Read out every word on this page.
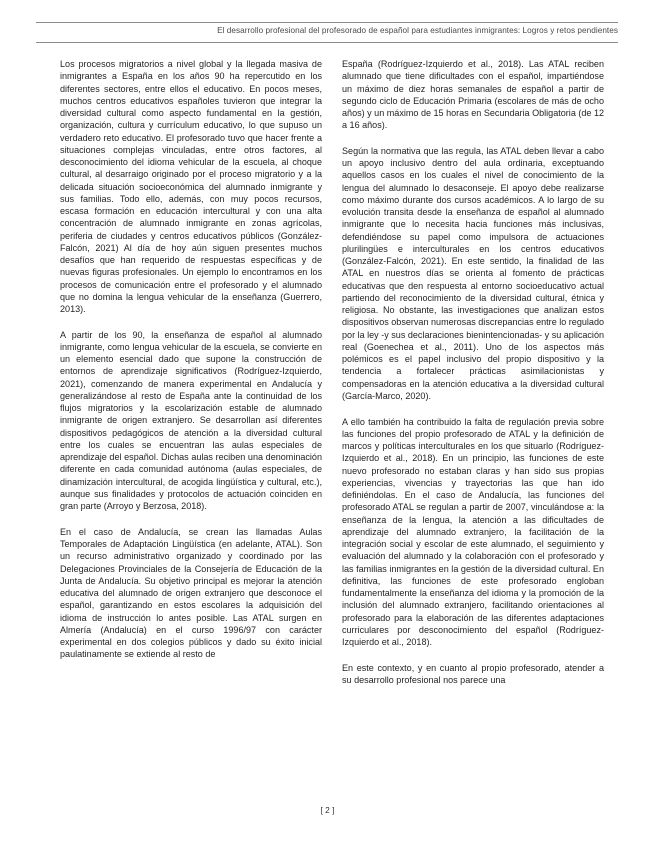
El desarrollo profesional del profesorado de español para estudiantes inmigrantes: Logros y retos pendientes

Los procesos migratorios a nivel global y la llegada masiva de inmigrantes a España en los años 90 ha repercutido en los diferentes sectores, entre ellos el educativo. En pocos meses, muchos centros educativos españoles tuvieron que integrar la diversidad cultural como aspecto fundamental en la gestión, organización, cultura y currículum educativo, lo que supuso un verdadero reto educativo. El profesorado tuvo que hacer frente a situaciones complejas vinculadas, entre otros factores, al desconocimiento del idioma vehicular de la escuela, al choque cultural, al desarraigo originado por el proceso migratorio y a la delicada situación socioeconómica del alumnado inmigrante y sus familias. Todo ello, además, con muy pocos recursos, escasa formación en educación intercultural y con una alta concentración de alumnado inmigrante en zonas agrícolas, periferia de ciudades y centros educativos públicos (González-Falcón, 2021) Al día de hoy aún siguen presentes muchos desafíos que han requerido de respuestas específicas y de nuevas figuras profesionales. Un ejemplo lo encontramos en los procesos de comunicación entre el profesorado y el alumnado que no domina la lengua vehicular de la enseñanza (Guerrero, 2013).

A partir de los 90, la enseñanza de español al alumnado inmigrante, como lengua vehicular de la escuela, se convierte en un elemento esencial dado que supone la construcción de entornos de aprendizaje significativos (Rodríguez-Izquierdo, 2021), comenzando de manera experimental en Andalucía y generalizándose al resto de España ante la continuidad de los flujos migratorios y la escolarización estable de alumnado inmigrante de origen extranjero. Se desarrollan así diferentes dispositivos pedagógicos de atención a la diversidad cultural entre los cuales se encuentran las aulas especiales de aprendizaje del español. Dichas aulas reciben una denominación diferente en cada comunidad autónoma (aulas especiales, de dinamización intercultural, de acogida lingüística y cultural, etc.), aunque sus finalidades y protocolos de actuación coinciden en gran parte (Arroyo y Berzosa, 2018).

En el caso de Andalucía, se crean las llamadas Aulas Temporales de Adaptación Lingüística (en adelante, ATAL). Son un recurso administrativo organizado y coordinado por las Delegaciones Provinciales de la Consejería de Educación de la Junta de Andalucía. Su objetivo principal es mejorar la atención educativa del alumnado de origen extranjero que desconoce el español, garantizando en estos escolares la adquisición del idioma de instrucción lo antes posible. Las ATAL surgen en Almería (Andalucía) en el curso 1996/97 con carácter experimental en dos colegios públicos y dado su éxito inicial paulatinamente se extiende al resto de

España (Rodríguez-Izquierdo et al., 2018). Las ATAL reciben alumnado que tiene dificultades con el español, impartiéndose un máximo de diez horas semanales de español a partir de segundo ciclo de Educación Primaria (escolares de más de ocho años) y un máximo de 15 horas en Secundaria Obligatoria (de 12 a 16 años).

Según la normativa que las regula, las ATAL deben llevar a cabo un apoyo inclusivo dentro del aula ordinaria, exceptuando aquellos casos en los cuales el nivel de conocimiento de la lengua del alumnado lo desaconseje. El apoyo debe realizarse como máximo durante dos cursos académicos. A lo largo de su evolución transita desde la enseñanza de español al alumnado inmigrante que lo necesita hacia funciones más inclusivas, defendiéndose su papel como impulsora de actuaciones plurilingües e interculturales en los centros educativos (González-Falcón, 2021). En este sentido, la finalidad de las ATAL en nuestros días se orienta al fomento de prácticas educativas que den respuesta al entorno socioeducativo actual partiendo del reconocimiento de la diversidad cultural, étnica y religiosa. No obstante, las investigaciones que analizan estos dispositivos observan numerosas discrepancias entre lo regulado por la ley -y sus declaraciones bienintencionadas- y su aplicación real (Goenechea et al., 2011). Uno de los aspectos más polémicos es el papel inclusivo del propio dispositivo y la tendencia a fortalecer prácticas asimilacionistas y compensadoras en la atención educativa a la diversidad cultural (García-Marco, 2020).

A ello también ha contribuido la falta de regulación previa sobre las funciones del propio profesorado de ATAL y la definición de marcos y políticas interculturales en los que situarlo (Rodríguez-Izquierdo et al., 2018). En un principio, las funciones de este nuevo profesorado no estaban claras y han sido sus propias experiencias, vivencias y trayectorias las que han ido definiéndolas. En el caso de Andalucía, las funciones del profesorado ATAL se regulan a partir de 2007, vinculándose a: la enseñanza de la lengua, la atención a las dificultades de aprendizaje del alumnado extranjero, la facilitación de la integración social y escolar de este alumnado, el seguimiento y evaluación del alumnado y la colaboración con el profesorado y las familias inmigrantes en la gestión de la diversidad cultural. En definitiva, las funciones de este profesorado engloban fundamentalmente la enseñanza del idioma y la promoción de la inclusión del alumnado extranjero, facilitando orientaciones al profesorado para la elaboración de las diferentes adaptaciones curriculares por desconocimiento del español (Rodríguez-Izquierdo et al., 2018).

En este contexto, y en cuanto al propio profesorado, atender a su desarrollo profesional nos parece una

[ 2 ]
